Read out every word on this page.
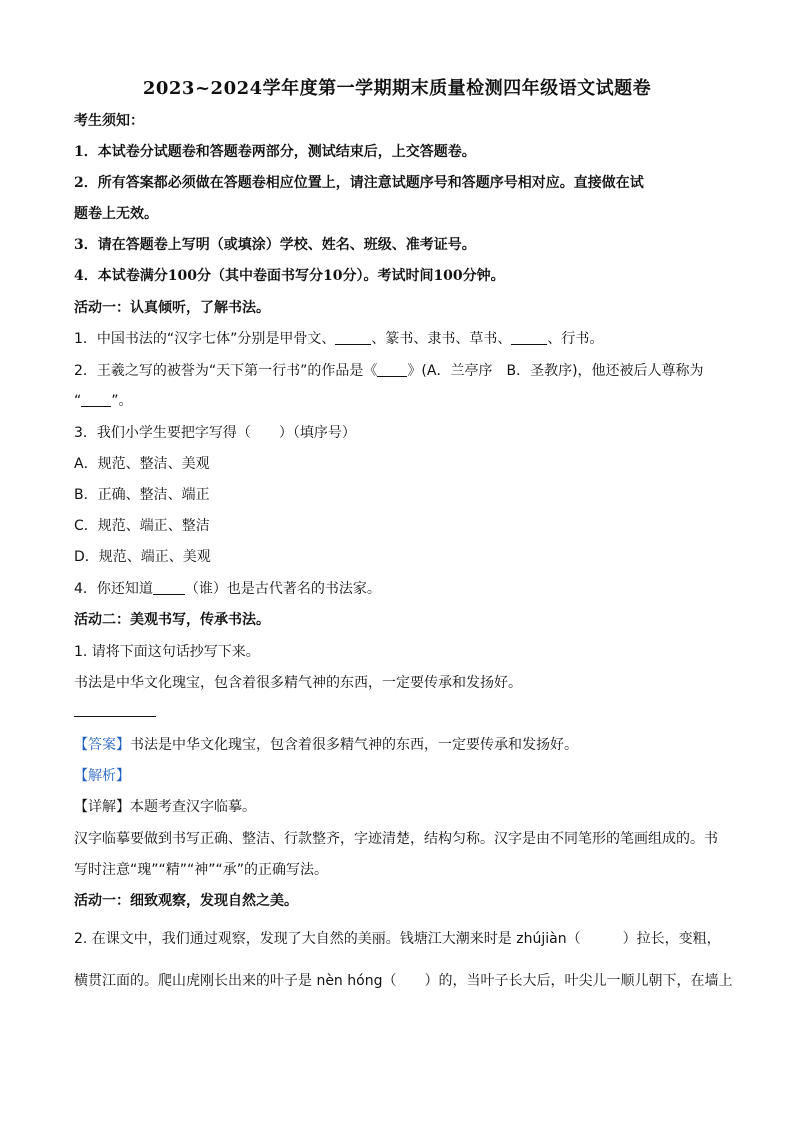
2023~2024学年度第一学期期末质量检测四年级语文试题卷
考生须知：
1．本试卷分试题卷和答题卷两部分，测试结束后，上交答题卷。
2．所有答案都必须做在答题卷相应位置上，请注意试题序号和答题序号相对应。直接做在试
题卷上无效。
3．请在答题卷上写明（或填涂）学校、姓名、班级、准考证号。
4．本试卷满分100分（其中卷面书写分10分）。考试时间100分钟。
活动一：认真倾听，了解书法。
1．中国书法的“汉字七体”分别是甲骨文、	、篆书、隶书、草书、	、行书。
2．王羲之写的被誉为“天下第一行书”的作品是《 》(A．兰亭序　B．圣教序)，他还被后人尊称为
“ ”。
3．我们小学生要把字写得（　　）（填序号）
A．规范、整洁、美观
B．正确、整洁、端正
C．规范、端正、整洁
D．规范、端正、美观
4．你还知道 （谁）也是古代著名的书法家。
活动二：美观书写，传承书法。
1. 请将下面这句话抄写下来。
书法是中华文化瑰宝，包含着很多精气神的东西，一定要传承和发扬好。
【答案】书法是中华文化瑰宝，包含着很多精气神的东西，一定要传承和发扬好。
【解析】
【详解】本题考查汉字临摹。
汉字临摹要做到书写正确、整洁、行款整齐，字迹清楚，结构匀称。汉字是由不同笔形的笔画组成的。书
写时注意“瑰”“精”“神”“承”的正确写法。
活动一：细致观察，发现自然之美。
2. 在课文中，我们通过观察，发现了大自然的美丽。钱塘江大潮来时是 zhújiàn（　　　）拉长，变粗，
横贯江面的。爬山虎刚长出来的叶子是 nèn hóng（　　）的，当叶子长大后，叶尖儿一顺儿朝下，在墙上
